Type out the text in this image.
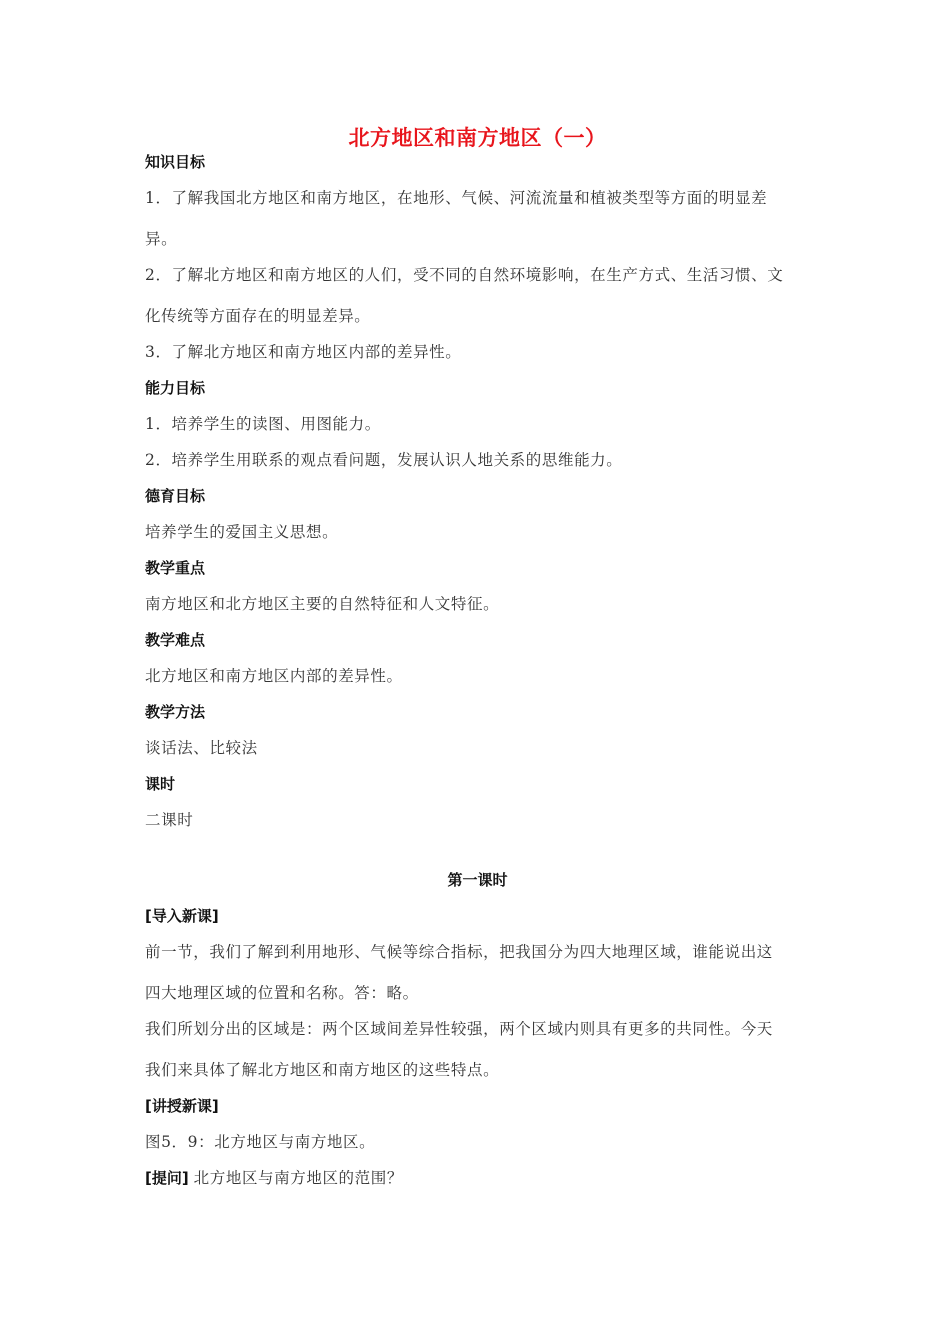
北方地区和南方地区（一）
知识目标
1．了解我国北方地区和南方地区，在地形、气候、河流流量和植被类型等方面的明显差
异。
2．了解北方地区和南方地区的人们，受不同的自然环境影响，在生产方式、生活习惯、文
化传统等方面存在的明显差异。
3．了解北方地区和南方地区内部的差异性。
能力目标
1．培养学生的读图、用图能力。
2．培养学生用联系的观点看问题，发展认识人地关系的思维能力。
德育目标
培养学生的爱国主义思想。
教学重点
南方地区和北方地区主要的自然特征和人文特征。
教学难点
北方地区和南方地区内部的差异性。
教学方法
谈话法、比较法
课时
二课时
第一课时
[导入新课]
前一节，我们了解到利用地形、气候等综合指标，把我国分为四大地理区域，谁能说出这
四大地理区域的位置和名称。答：略。
我们所划分出的区域是：两个区域间差异性较强，两个区域内则具有更多的共同性。今天
我们来具体了解北方地区和南方地区的这些特点。
[讲授新课]
图5．9：北方地区与南方地区。
[提问] 北方地区与南方地区的范围？
